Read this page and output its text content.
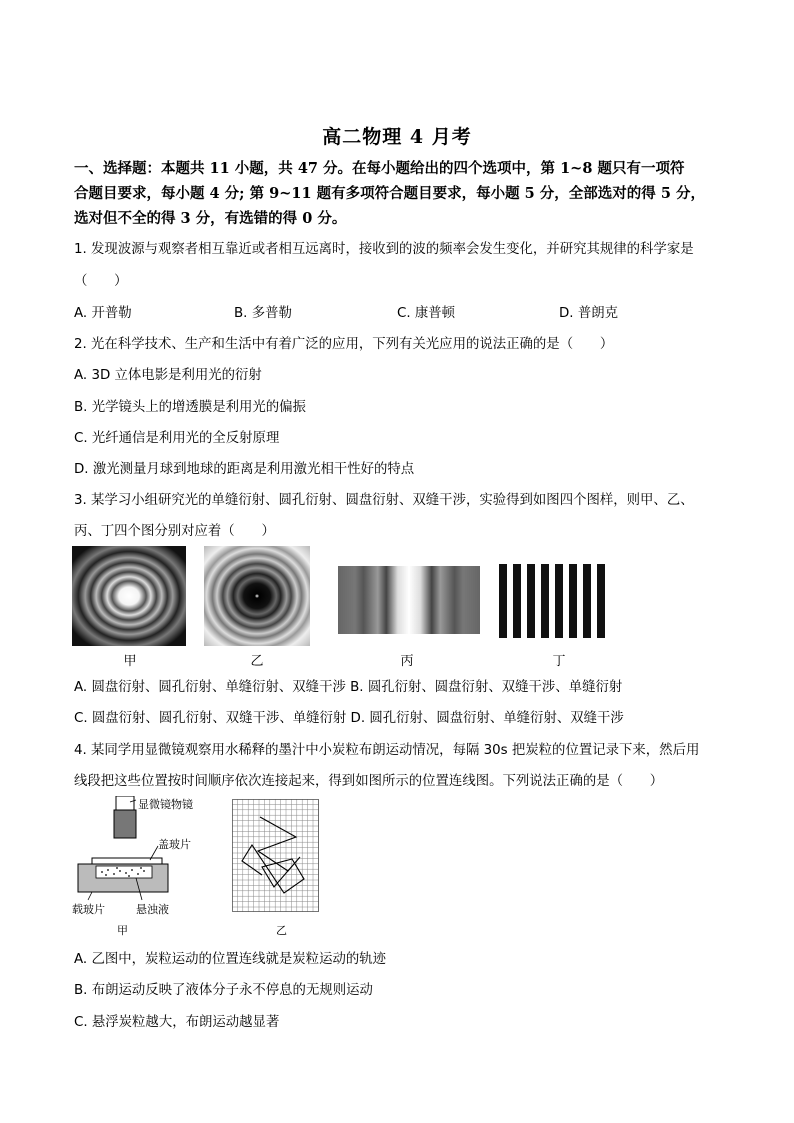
高二物理 4 月考
一、选择题：本题共 11 小题，共 47 分。在每小题给出的四个选项中，第 1~8 题只有一项符
合题目要求，每小题 4 分; 第 9~11 题有多项符合题目要求，每小题 5 分，全部选对的得 5 分，
选对但不全的得 3 分，有选错的得 0 分。
1. 发现波源与观察者相互靠近或者相互远离时，接收到的波的频率会发生变化，并研究其规律的科学家是
（　　）
A. 开普勒	B. 多普勒	C. 康普顿	D. 普朗克
2. 光在科学技术、生产和生活中有着广泛的应用，下列有关光应用的说法正确的是（　　）
A. 3D 立体电影是利用光的衍射
B. 光学镜头上的增透膜是利用光的偏振
C. 光纤通信是利用光的全反射原理
D. 激光测量月球到地球的距离是利用激光相干性好的特点
3. 某学习小组研究光的单缝衍射、圆孔衍射、圆盘衍射、双缝干涉，实验得到如图四个图样，则甲、乙、
丙、丁四个图分别对应着（　　）
甲	乙	丙	丁
A. 圆盘衍射、圆孔衍射、单缝衍射、双缝干涉 B. 圆孔衍射、圆盘衍射、双缝干涉、单缝衍射
C. 圆盘衍射、圆孔衍射、双缝干涉、单缝衍射 D. 圆孔衍射、圆盘衍射、单缝衍射、双缝干涉
4. 某同学用显微镜观察用水稀释的墨汁中小炭粒布朗运动情况，每隔 30s 把炭粒的位置记录下来，然后用
线段把这些位置按时间顺序依次连接起来，得到如图所示的位置连线图。下列说法正确的是（　　）
显微镜物镜
盖玻片
载玻片	悬浊液
甲	乙
A. 乙图中，炭粒运动的位置连线就是炭粒运动的轨迹
B. 布朗运动反映了液体分子永不停息的无规则运动
C. 悬浮炭粒越大，布朗运动越显著
